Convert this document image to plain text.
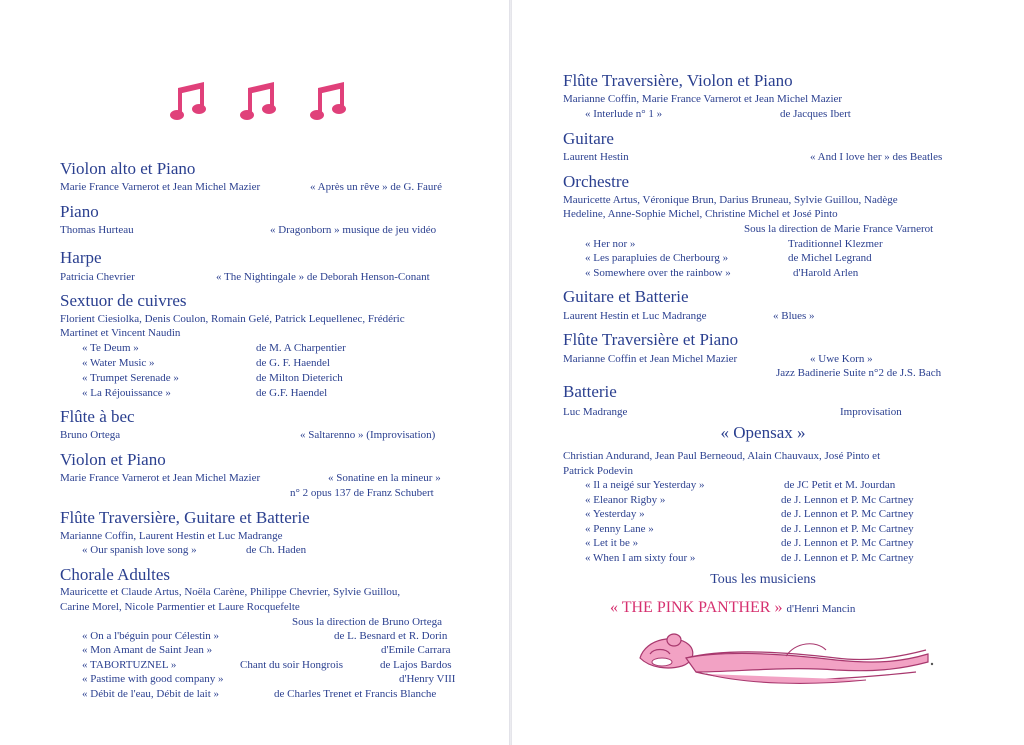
Violon alto et Piano
Marie France Varnerot et Jean Michel Mazier	« Après un rêve » de G. Fauré
Piano
Thomas Hurteau	« Dragonborn » musique de jeu vidéo
Harpe
Patricia Chevrier	« The Nightingale » de Deborah Henson-Conant
Sextuor de cuivres
Florient Ciesiolka, Denis Coulon, Romain Gelé, Patrick Lequellenec, Frédéric
Martinet et Vincent Naudin
« Te Deum »	de M. A Charpentier
« Water Music »	de G. F. Haendel
« Trumpet Serenade »	de Milton Dieterich
« La Réjouissance »	de G.F. Haendel
Flûte à bec
Bruno Ortega	« Saltarenno » (Improvisation)
Violon et Piano
Marie France Varnerot et Jean Michel Mazier	« Sonatine en la mineur »
n° 2 opus 137 de Franz Schubert
Flûte Traversière, Guitare et Batterie
Marianne Coffin, Laurent Hestin et Luc Madrange
« Our spanish love song »	de Ch. Haden
Chorale Adultes
Mauricette et Claude Artus, Noëla Carène, Philippe Chevrier, Sylvie Guillou,
Carine Morel, Nicole Parmentier et Laure Rocquefelte
Sous la direction de Bruno Ortega
« On a l'béguin pour Célestin »	de L. Besnard et R. Dorin
« Mon Amant de Saint Jean »	d'Emile Carrara
« TABORTUZNEL »	Chant du soir Hongrois	de Lajos Bardos
« Pastime with good company »	d'Henry VIII
« Débit de l'eau, Débit de lait »	de Charles Trenet et Francis Blanche
Flûte Traversière, Violon et Piano
Marianne Coffin, Marie France Varnerot et Jean Michel Mazier
« Interlude n° 1 »	de Jacques Ibert
Guitare
Laurent Hestin	« And I love her » des Beatles
Orchestre
Mauricette Artus, Véronique Brun, Darius Bruneau, Sylvie Guillou, Nadège
Hedeline, Anne-Sophie Michel, Christine Michel et José Pinto
Sous la direction de Marie France Varnerot
« Her nor »	Traditionnel Klezmer
« Les parapluies de Cherbourg »	de Michel Legrand
« Somewhere over the rainbow »	d'Harold Arlen
Guitare et Batterie
Laurent Hestin et Luc Madrange	« Blues »
Flûte Traversière et Piano
Marianne Coffin et Jean Michel Mazier	« Uwe Korn »
Jazz Badinerie Suite n°2 de J.S. Bach
Batterie
Luc Madrange	Improvisation
« Opensax »
Christian Andurand, Jean Paul Berneoud, Alain Chauvaux, José Pinto et
Patrick Podevin
« Il a neigé sur Yesterday »	de JC Petit et M. Jourdan
« Eleanor Rigby »	de J. Lennon et P. Mc Cartney
« Yesterday »	de J. Lennon et P. Mc Cartney
« Penny Lane »	de J. Lennon et P. Mc Cartney
« Let it be »	de J. Lennon et P. Mc Cartney
« When I am sixty four »	de J. Lennon et P. Mc Cartney
Tous les musiciens
« THE PINK PANTHER » d'Henri Mancin
